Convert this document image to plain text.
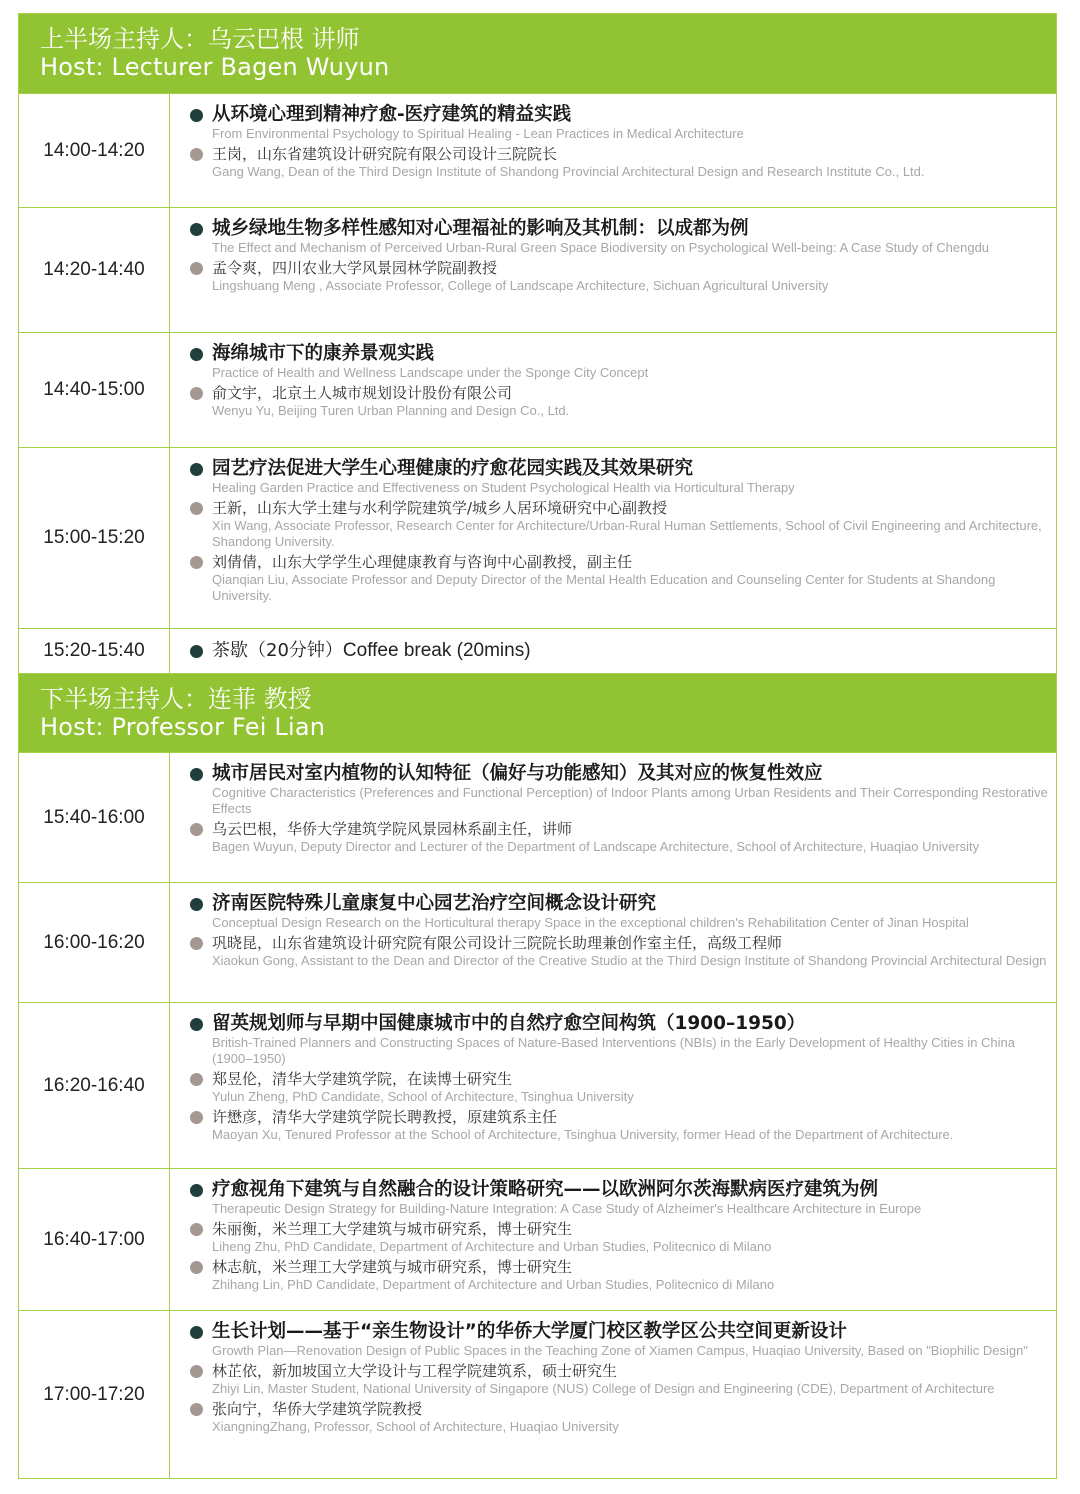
上半场主持人：乌云巴根 讲师
Host: Lecturer Bagen Wuyun
14:00-14:20
从环境心理到精神疗愈-医疗建筑的精益实践
From Environmental Psychology to Spiritual Healing - Lean Practices in Medical Architecture
王岗，山东省建筑设计研究院有限公司设计三院院长
Gang Wang, Dean of the Third Design Institute of Shandong Provincial Architectural Design and Research Institute Co., Ltd.
14:20-14:40
城乡绿地生物多样性感知对心理福祉的影响及其机制：以成都为例
The Effect and Mechanism of Perceived Urban-Rural Green Space Biodiversity on Psychological Well-being: A Case Study of Chengdu
孟令爽，四川农业大学风景园林学院副教授
Lingshuang Meng , Associate Professor, College of Landscape Architecture, Sichuan Agricultural University
14:40-15:00
海绵城市下的康养景观实践
Practice of Health and Wellness Landscape under the Sponge City Concept
俞文宇，北京土人城市规划设计股份有限公司
Wenyu Yu, Beijing Turen Urban Planning and Design Co., Ltd.
15:00-15:20
园艺疗法促进大学生心理健康的疗愈花园实践及其效果研究
Healing Garden Practice and Effectiveness on Student Psychological Health via Horticultural Therapy
王新，山东大学土建与水利学院建筑学/城乡人居环境研究中心副教授
Xin Wang, Associate Professor, Research Center for Architecture/Urban-Rural Human Settlements, School of Civil Engineering and Architecture, Shandong University.
刘倩倩，山东大学学生心理健康教育与咨询中心副教授，副主任
Qianqian Liu, Associate Professor and Deputy Director of the Mental Health Education and Counseling Center for Students at Shandong University.
15:20-15:40	茶歇（20分钟）Coffee break (20mins)
下半场主持人：连菲 教授
Host: Professor Fei Lian
15:40-16:00
城市居民对室内植物的认知特征（偏好与功能感知）及其对应的恢复性效应
Cognitive Characteristics (Preferences and Functional Perception) of Indoor Plants among Urban Residents and Their Corresponding Restorative Effects
乌云巴根，华侨大学建筑学院风景园林系副主任，讲师
Bagen Wuyun, Deputy Director and Lecturer of the Department of Landscape Architecture, School of Architecture, Huaqiao University
16:00-16:20
济南医院特殊儿童康复中心园艺治疗空间概念设计研究
Conceptual Design Research on the Horticultural therapy Space in the exceptional children's Rehabilitation Center of Jinan Hospital
巩晓昆，山东省建筑设计研究院有限公司设计三院院长助理兼创作室主任，高级工程师
Xiaokun Gong, Assistant to the Dean and Director of the Creative Studio at the Third Design Institute of Shandong Provincial Architectural Design
16:20-16:40
留英规划师与早期中国健康城市中的自然疗愈空间构筑（1900–1950）
British-Trained Planners and Constructing Spaces of Nature-Based Interventions (NBIs) in the Early Development of Healthy Cities in China (1900–1950)
郑昱伦，清华大学建筑学院，在读博士研究生
Yulun Zheng, PhD Candidate, School of Architecture, Tsinghua University
许懋彦，清华大学建筑学院长聘教授，原建筑系主任
Maoyan Xu, Tenured Professor at the School of Architecture, Tsinghua University, former Head of the Department of Architecture.
16:40-17:00
疗愈视角下建筑与自然融合的设计策略研究——以欧洲阿尔茨海默病医疗建筑为例
Therapeutic Design Strategy for Building-Nature Integration: A Case Study of Alzheimer's Healthcare Architecture in Europe
朱丽衡，米兰理工大学建筑与城市研究系，博士研究生
Liheng Zhu, PhD Candidate, Department of Architecture and Urban Studies, Politecnico di Milano
林志航，米兰理工大学建筑与城市研究系，博士研究生
Zhihang Lin, PhD Candidate, Department of Architecture and Urban Studies, Politecnico di Milano
17:00-17:20
生长计划——基于“亲生物设计”的华侨大学厦门校区教学区公共空间更新设计
Growth Plan—Renovation Design of Public Spaces in the Teaching Zone of Xiamen Campus, Huaqiao University, Based on "Biophilic Design"
林芷依，新加坡国立大学设计与工程学院建筑系，硕士研究生
Zhiyi Lin, Master Student, National University of Singapore (NUS) College of Design and Engineering (CDE), Department of Architecture
张向宁，华侨大学建筑学院教授
XiangningZhang, Professor, School of Architecture, Huaqiao University
